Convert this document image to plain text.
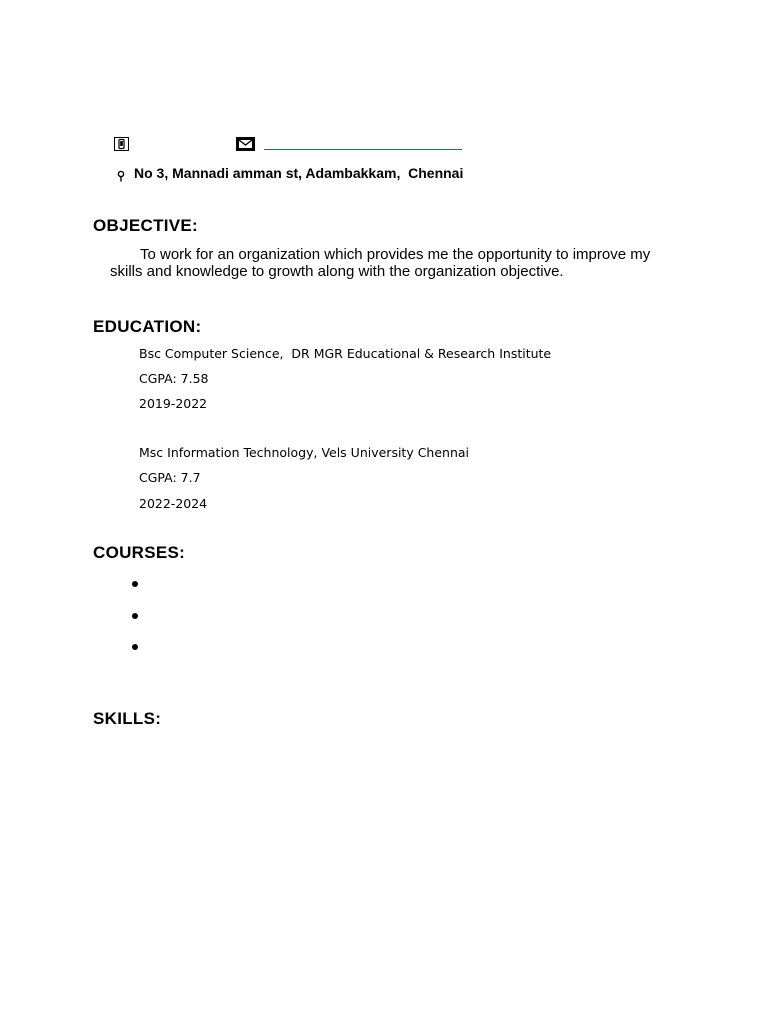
No 3, Mannadi amman st, Adambakkam,  Chennai
OBJECTIVE:
To work for an organization which provides me the opportunity to improve my skills and knowledge to growth along with the organization objective.
EDUCATION:
Bsc Computer Science,  DR MGR Educational & Research Institute
CGPA: 7.58
2019-2022
Msc Information Technology, Vels University Chennai
CGPA: 7.7
2022-2024
COURSES:
SKILLS:
